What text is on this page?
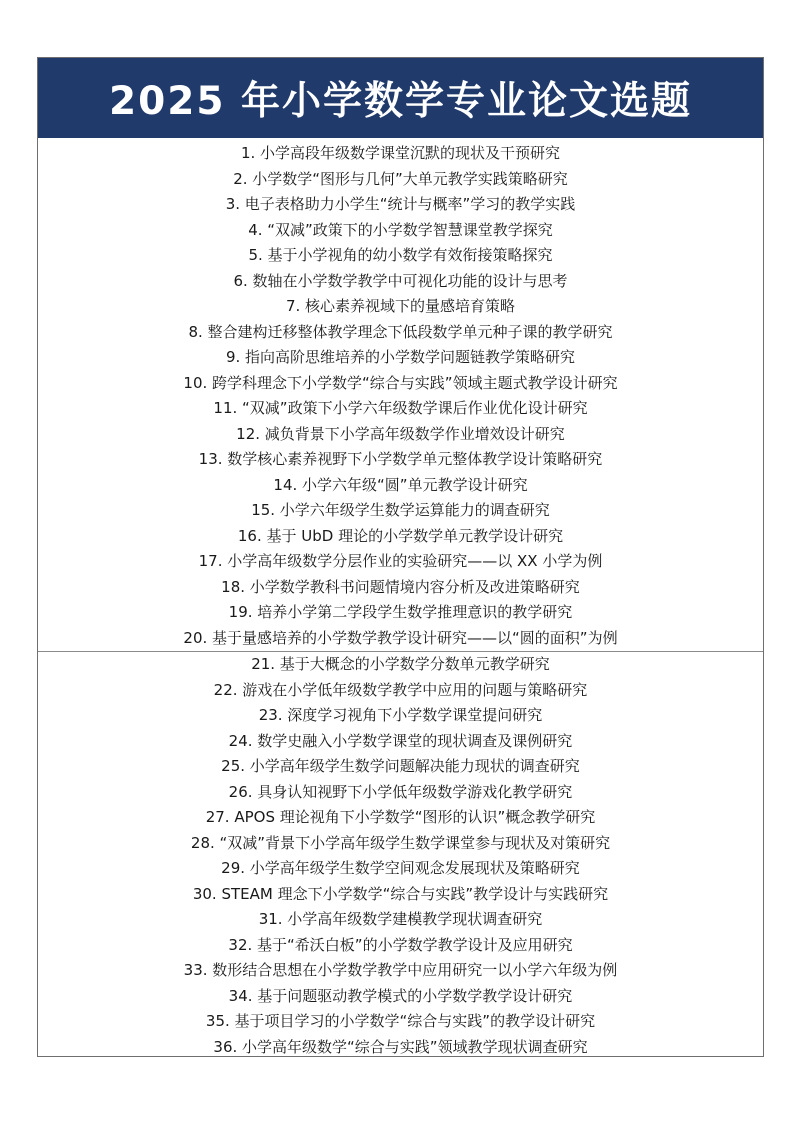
2025 年小学数学专业论文选题
1. 小学高段年级数学课堂沉默的现状及干预研究
2. 小学数学“图形与几何”大单元教学实践策略研究
3. 电子表格助力小学生“统计与概率”学习的教学实践
4. “双减”政策下的小学数学智慧课堂教学探究
5. 基于小学视角的幼小数学有效衔接策略探究
6. 数轴在小学数学教学中可视化功能的设计与思考
7. 核心素养视域下的量感培育策略
8. 整合建构迁移整体教学理念下低段数学单元种子课的教学研究
9. 指向高阶思维培养的小学数学问题链教学策略研究
10. 跨学科理念下小学数学“综合与实践”领域主题式教学设计研究
11. “双减”政策下小学六年级数学课后作业优化设计研究
12. 减负背景下小学高年级数学作业增效设计研究
13. 数学核心素养视野下小学数学单元整体教学设计策略研究
14. 小学六年级“圆”单元教学设计研究
15. 小学六年级学生数学运算能力的调查研究
16. 基于 UbD 理论的小学数学单元教学设计研究
17. 小学高年级数学分层作业的实验研究——以 XX 小学为例
18. 小学数学教科书问题情境内容分析及改进策略研究
19. 培养小学第二学段学生数学推理意识的教学研究
20. 基于量感培养的小学数学教学设计研究——以“圆的面积”为例
21. 基于大概念的小学数学分数单元教学研究
22. 游戏在小学低年级数学教学中应用的问题与策略研究
23. 深度学习视角下小学数学课堂提问研究
24. 数学史融入小学数学课堂的现状调查及课例研究
25. 小学高年级学生数学问题解决能力现状的调查研究
26. 具身认知视野下小学低年级数学游戏化教学研究
27. APOS 理论视角下小学数学“图形的认识”概念教学研究
28. “双减”背景下小学高年级学生数学课堂参与现状及对策研究
29. 小学高年级学生数学空间观念发展现状及策略研究
30. STEAM 理念下小学数学“综合与实践”教学设计与实践研究
31. 小学高年级数学建模教学现状调查研究
32. 基于“希沃白板”的小学数学教学设计及应用研究
33. 数形结合思想在小学数学教学中应用研究一以小学六年级为例
34. 基于问题驱动教学模式的小学数学教学设计研究
35. 基于项目学习的小学数学“综合与实践”的教学设计研究
36. 小学高年级数学“综合与实践”领域教学现状调查研究
